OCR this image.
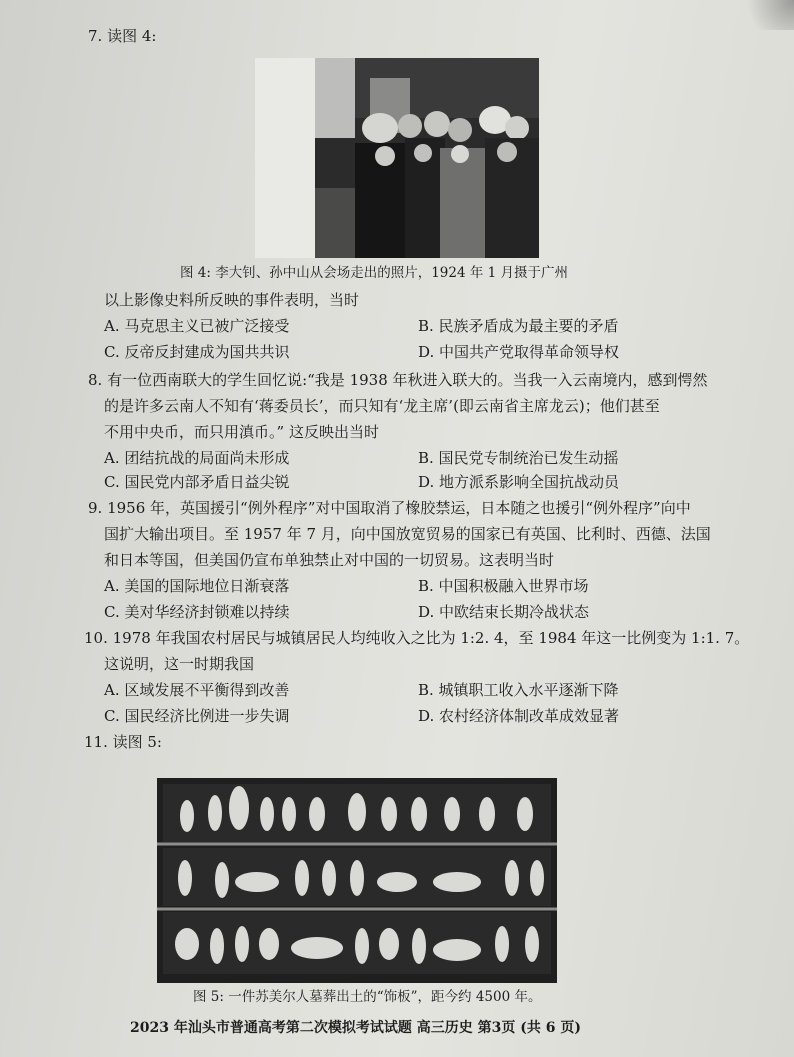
7. 读图 4:
图 4: 李大钊、孙中山从会场走出的照片，1924 年 1 月摄于广州
以上影像史料所反映的事件表明，当时
A. 马克思主义已被广泛接受	B. 民族矛盾成为最主要的矛盾
C. 反帝反封建成为国共共识	D. 中国共产党取得革命领导权
8. 有一位西南联大的学生回忆说:“我是 1938 年秋进入联大的。当我一入云南境内，感到愕然
的是许多云南人不知有‘蒋委员长’，而只知有‘龙主席’(即云南省主席龙云)；他们甚至
不用中央币，而只用滇币。” 这反映出当时
A. 团结抗战的局面尚未形成	B. 国民党专制统治已发生动摇
C. 国民党内部矛盾日益尖锐	D. 地方派系影响全国抗战动员
9. 1956 年，英国援引“例外程序”对中国取消了橡胶禁运，日本随之也援引“例外程序”向中
国扩大输出项目。至 1957 年 7 月，向中国放宽贸易的国家已有英国、比利时、西德、法国
和日本等国，但美国仍宣布单独禁止对中国的一切贸易。这表明当时
A. 美国的国际地位日渐衰落	B. 中国积极融入世界市场
C. 美对华经济封锁难以持续	D. 中欧结束长期冷战状态
10. 1978 年我国农村居民与城镇居民人均纯收入之比为 1:2. 4，至 1984 年这一比例变为 1:1. 7。
这说明，这一时期我国
A. 区域发展不平衡得到改善	B. 城镇职工收入水平逐渐下降
C. 国民经济比例进一步失调	D. 农村经济体制改革成效显著
11. 读图 5:
图 5: 一件苏美尔人墓葬出土的“饰板”，距今约 4500 年。
2023 年汕头市普通高考第二次模拟考试试题 高三历史 第3页 (共 6 页)
